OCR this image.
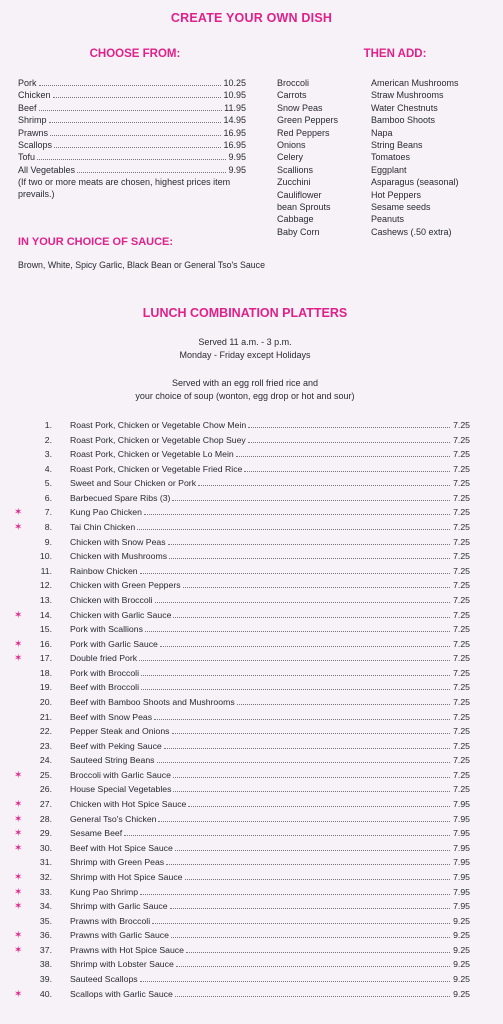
CREATE YOUR OWN DISH
CHOOSE FROM:	THEN ADD:
Pork	10.25
Chicken	10.95
Beef	11.95
Shrimp	14.95
Prawns	16.95
Scallops	16.95
Tofu	9.95
All Vegetables	9.95
(If two or more meats are chosen, highest prices item prevails.)
Broccoli
Carrots
Snow Peas
Green Peppers
Red Peppers
Onions
Celery
Scallions
Zucchini
Cauliflower
bean Sprouts
Cabbage
Baby Corn
American Mushrooms
Straw Mushrooms
Water Chestnuts
Bamboo Shoots
Napa
String Beans
Tomatoes
Eggplant
Asparagus (seasonal)
Hot Peppers
Sesame seeds
Peanuts
Cashews (.50 extra)
IN YOUR CHOICE OF SAUCE:
Brown, White, Spicy Garlic, Black Bean or General Tso's Sauce
LUNCH COMBINATION PLATTERS
Served 11 a.m. - 3 p.m.
Monday - Friday except Holidays
Served with an egg roll fried rice and
your choice of soup (wonton, egg drop or hot and sour)
1. Roast Pork, Chicken or Vegetable Chow Mein	7.25
2. Roast Pork, Chicken or Vegetable Chop Suey	7.25
3. Roast Pork, Chicken or Vegetable Lo Mein	7.25
4. Roast Pork, Chicken or Vegetable Fried Rice	7.25
5. Sweet and Sour Chicken or Pork	7.25
6. Barbecued Spare Ribs (3)	7.25
✶	7. Kung Pao Chicken	7.25
✶	8. Tai Chin Chicken	7.25
9. Chicken with Snow Peas	7.25
10. Chicken with Mushrooms	7.25
11. Rainbow Chicken	7.25
12. Chicken with Green Peppers	7.25
13. Chicken with Broccoli	7.25
✶	14. Chicken with Garlic Sauce	7.25
15. Pork with Scallions	7.25
✶	16. Pork with Garlic Sauce	7.25
✶	17. Double fried Pork	7.25
18. Pork with Broccoli	7.25
19. Beef with Broccoli	7.25
20. Beef with Bamboo Shoots and Mushrooms	7.25
21. Beef with Snow Peas	7.25
22. Pepper Steak and Onions	7.25
23. Beef with Peking Sauce	7.25
24. Sauteed String Beans	7.25
✶	25. Broccoli with Garlic Sauce	7.25
26. House Special Vegetables	7.25
✶	27. Chicken with Hot Spice Sauce	7.95
✶	28. General Tso's Chicken	7.95
✶	29. Sesame Beef	7.95
✶	30. Beef with Hot Spice Sauce	7.95
31. Shrimp with Green Peas	7.95
✶	32. Shrimp with Hot Spice Sauce	7.95
✶	33. Kung Pao Shrimp	7.95
✶	34. Shrimp with Garlic Sauce	7.95
35. Prawns with Broccoli	9.25
✶	36. Prawns with Garlic Sauce	9.25
✶	37. Prawns with Hot Spice Sauce	9.25
38. Shrimp with Lobster Sauce	9.25
39. Sauteed Scallops	9.25
✶	40. Scallops with Garlic Sauce	9.25
